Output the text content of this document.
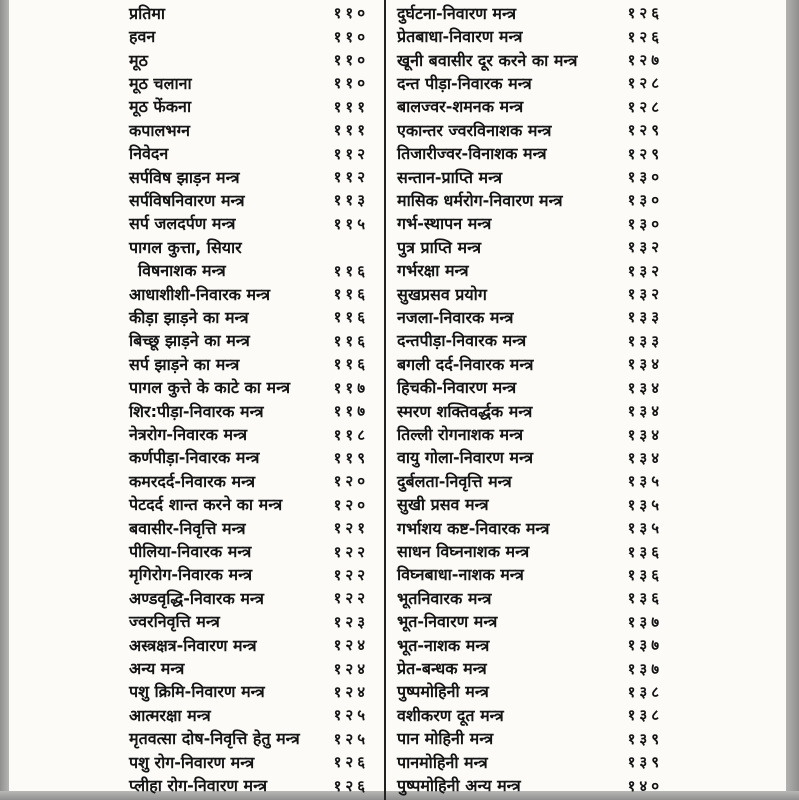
प्रतिमा	११०
हवन	११०
मूठ	११०
मूठ चलाना	११०
मूठ फेंकना	१११
कपालभग्न	१११
निवेदन	११२
सर्पविष झाड़न मन्त्र	११२
सर्पविषनिवारण मन्त्र	११३
सर्प जलदर्पण मन्त्र	११५
पागल कुत्ता, सियार
विषनाशक मन्त्र	११६
आधाशीशी-निवारक मन्त्र	११६
कीड़ा झाड़ने का मन्त्र	११६
बिच्छू झाड़ने का मन्त्र	११६
सर्प झाड़ने का मन्त्र	११६
पागल कुत्ते के काटे का मन्त्र	११७
शिर:पीड़ा-निवारक मन्त्र	११७
नेत्ररोग-निवारक मन्त्र	११८
कर्णपीड़ा-निवारक मन्त्र	११९
कमरदर्द-निवारक मन्त्र	१२०
पेटदर्द शान्त करने का मन्त्र	१२०
बवासीर-निवृत्ति मन्त्र	१२१
पीलिया-निवारक मन्त्र	१२२
मृगिरोग-निवारक मन्त्र	१२२
अण्डवृद्धि-निवारक मन्त्र	१२२
ज्वरनिवृत्ति मन्त्र	१२३
अस्त्रक्षत्र-निवारण मन्त्र	१२४
अन्य मन्त्र	१२४
पशु क्रिमि-निवारण मन्त्र	१२४
आत्मरक्षा मन्त्र	१२५
मृतवत्सा दोष-निवृत्ति हेतु मन्त्र	१२५
पशु रोग-निवारण मन्त्र	१२६
प्लीहा रोग-निवारण मन्त्र	१२६
दुर्घटना-निवारण मन्त्र	१२६
प्रेतबाधा-निवारण मन्त्र	१२६
खूनी बवासीर दूर करने का मन्त्र	१२७
दन्त पीड़ा-निवारक मन्त्र	१२८
बालज्वर-शमनक मन्त्र	१२८
एकान्तर ज्वरविनाशक मन्त्र	१२९
तिजारीज्वर-विनाशक मन्त्र	१२९
सन्तान-प्राप्ति मन्त्र	१३०
मासिक धर्मरोग-निवारण मन्त्र	१३०
गर्भ-स्थापन मन्त्र	१३०
पुत्र प्राप्ति मन्त्र	१३२
गर्भरक्षा मन्त्र	१३२
सुखप्रसव प्रयोग	१३२
नजला-निवारक मन्त्र	१३३
दन्तपीड़ा-निवारक मन्त्र	१३३
बगली दर्द-निवारक मन्त्र	१३४
हिचकी-निवारण मन्त्र	१३४
स्मरण शक्तिवर्द्धक मन्त्र	१३४
तिल्ली रोगनाशक मन्त्र	१३४
वायु गोला-निवारण मन्त्र	१३४
दुर्बलता-निवृत्ति मन्त्र	१३५
सुखी प्रसव मन्त्र	१३५
गर्भाशय कष्ट-निवारक मन्त्र	१३५
साधन विघ्ननाशक मन्त्र	१३६
विघ्नबाधा-नाशक मन्त्र	१३६
भूतनिवारक मन्त्र	१३६
भूत-निवारण मन्त्र	१३७
भूत-नाशक मन्त्र	१३७
प्रेत-बन्धक मन्त्र	१३७
पुष्पमोहिनी मन्त्र	१३८
वशीकरण दूत मन्त्र	१३८
पान मोहिनी मन्त्र	१३९
पानमोहिनी मन्त्र	१३९
पुष्पमोहिनी अन्य मन्त्र	१४०
